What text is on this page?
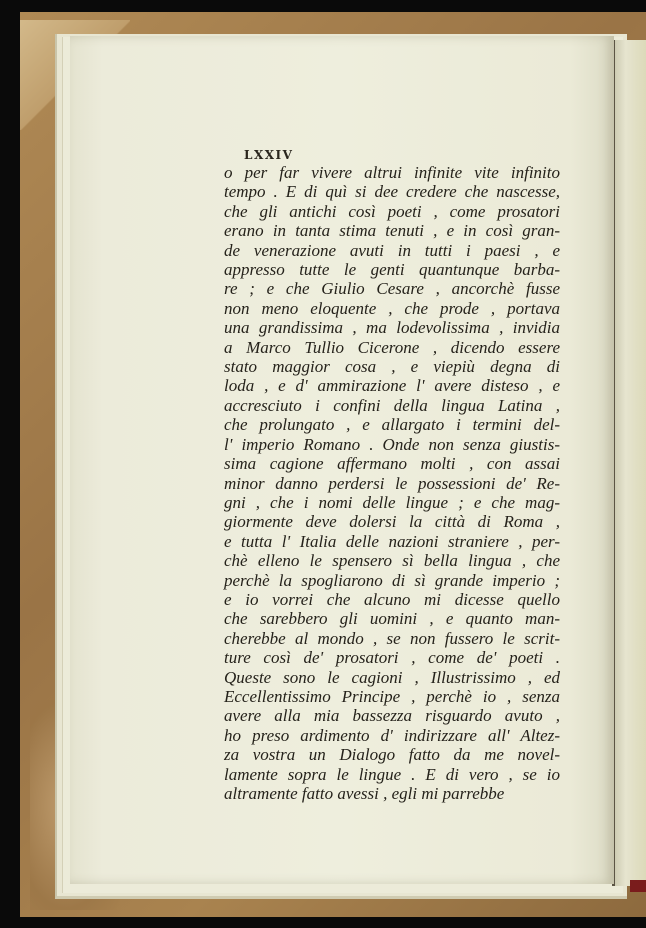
LXXIV
o per far vivere altrui infinite vite infinito
tempo . E di quì si dee credere che nascesse,
che gli antichi così poeti , come prosatori
erano in tanta stima tenuti , e in così gran-
de venerazione avuti in tutti i paesi , e
appresso tutte le genti quantunque barba-
re ; e che Giulio Cesare , ancorchè fusse
non meno eloquente , che prode , portava
una grandissima , ma lodevolissima , invidia
a Marco Tullio Cicerone , dicendo essere
stato maggior cosa , e viepiù degna di
loda , e d' ammirazione l' avere disteso , e
accresciuto i confini della lingua Latina ,
che prolungato , e allargato i termini del-
l' imperio Romano . Onde non senza giustis-
sima cagione affermano molti , con assai
minor danno perdersi le possessioni de' Re-
gni , che i nomi delle lingue ; e che mag-
giormente deve dolersi la città di Roma ,
e tutta l' Italia delle nazioni straniere , per-
chè elleno le spensero sì bella lingua , che
perchè la spogliarono di sì grande imperio ;
e io vorrei che alcuno mi dicesse quello
che sarebbero gli uomini , e quanto man-
cherebbe al mondo , se non fussero le scrit-
ture così de' prosatori , come de' poeti .
Queste sono le cagioni , Illustrissimo , ed
Eccellentissimo Principe , perchè io , senza
avere alla mia bassezza risguardo avuto ,
ho preso ardimento d' indirizzare all' Altez-
za vostra un Dialogo fatto da me novel-
lamente sopra le lingue . E di vero , se io
altramente fatto avessi , egli mi parrebbe
